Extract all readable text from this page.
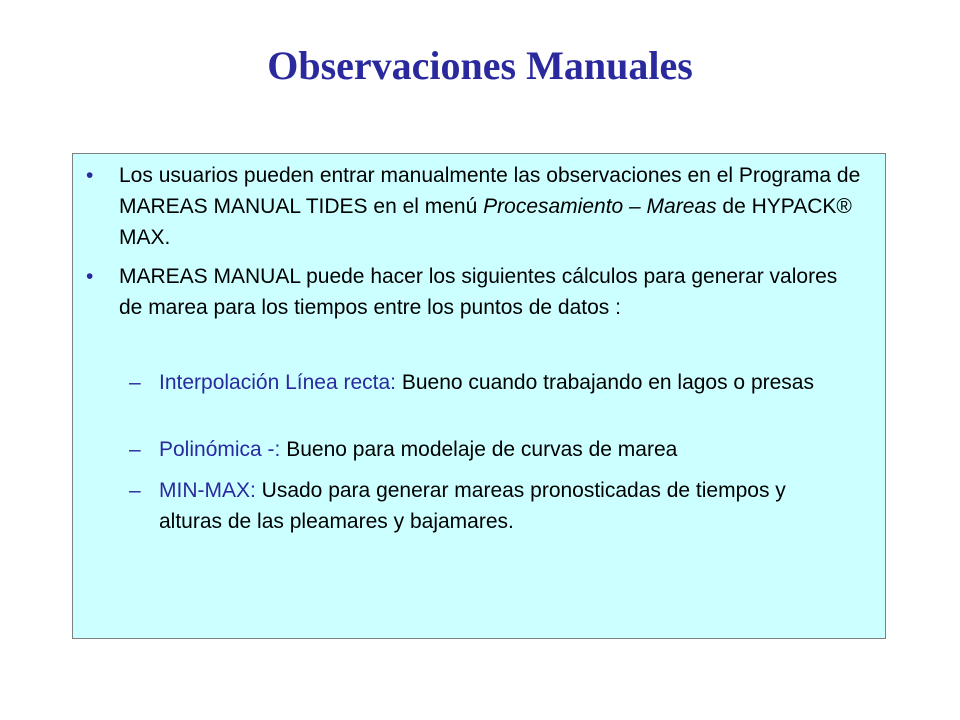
Observaciones Manuales
•	Los usuarios pueden entrar manualmente las observaciones en el Programa de MAREAS MANUAL TIDES en el menú Procesamiento – Mareas de HYPACK® MAX.
•	MAREAS MANUAL puede hacer los siguientes cálculos para generar valores de marea para los tiempos entre los puntos de datos :
– Interpolación Línea recta: Bueno cuando trabajando en lagos o presas
– Polinómica -: Bueno para modelaje de curvas de marea
– MIN-MAX: Usado para generar mareas pronosticadas de tiempos y alturas de las pleamares y bajamares.
